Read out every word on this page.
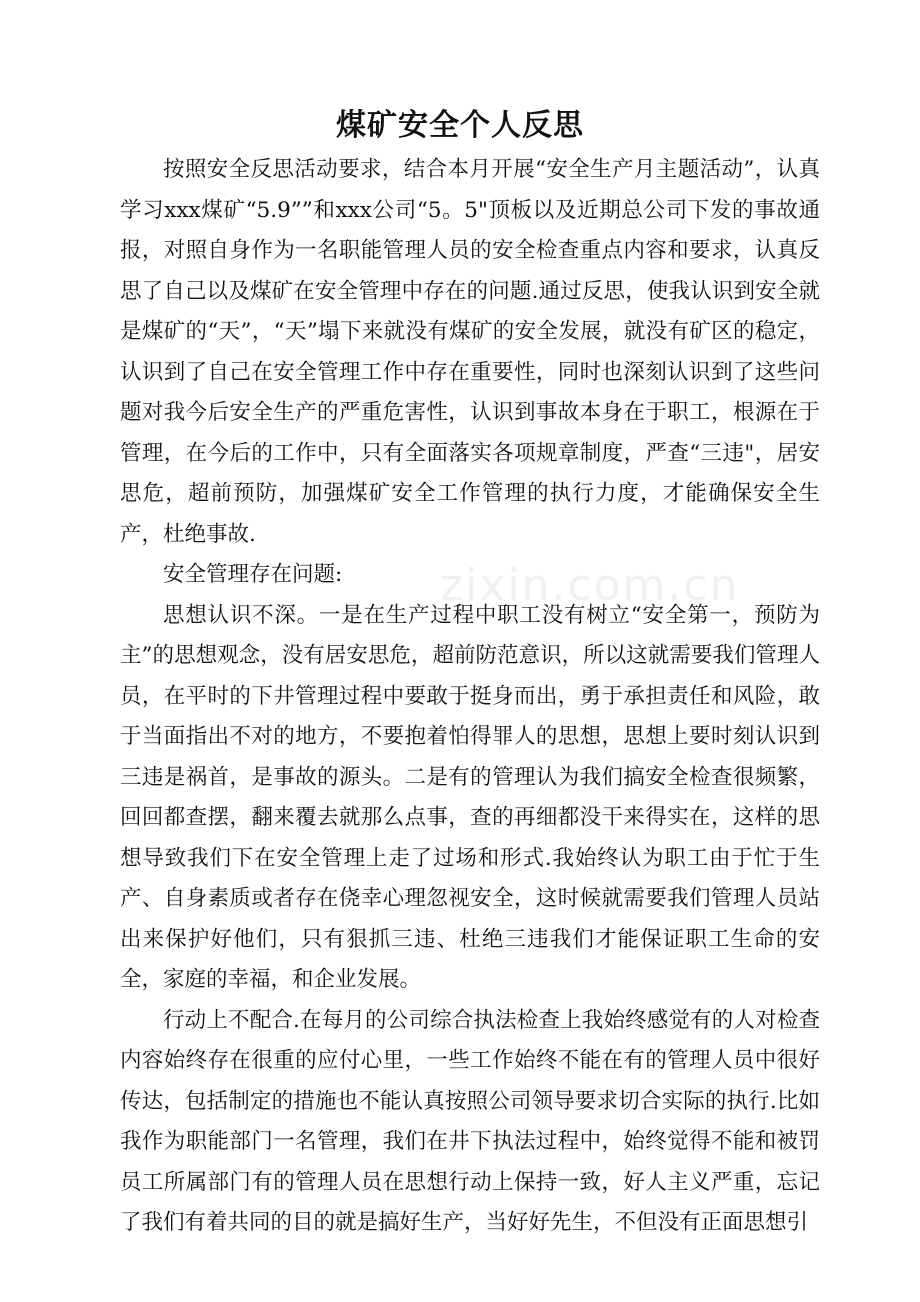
zixin.com.cn
煤矿安全个人反思

按照安全反思活动要求，结合本月开展“安全生产月主题活动”，认真学习xxx煤矿“5.9””和xxx公司“5。5"顶板以及近期总公司下发的事故通报，对照自身作为一名职能管理人员的安全检查重点内容和要求，认真反思了自己以及煤矿在安全管理中存在的问题.通过反思，使我认识到安全就是煤矿的“天”，“天”塌下来就没有煤矿的安全发展，就没有矿区的稳定，认识到了自己在安全管理工作中存在重要性，同时也深刻认识到了这些问题对我今后安全生产的严重危害性，认识到事故本身在于职工，根源在于管理，在今后的工作中，只有全面落实各项规章制度，严查“三违"，居安思危，超前预防，加强煤矿安全工作管理的执行力度，才能确保安全生产，杜绝事故.

安全管理存在问题:

思想认识不深。一是在生产过程中职工没有树立“安全第一，预防为主”的思想观念，没有居安思危，超前防范意识，所以这就需要我们管理人员，在平时的下井管理过程中要敢于挺身而出，勇于承担责任和风险，敢于当面指出不对的地方，不要抱着怕得罪人的思想，思想上要时刻认识到三违是祸首，是事故的源头。二是有的管理认为我们搞安全检查很频繁，回回都查摆，翻来覆去就那么点事，查的再细都没干来得实在，这样的思想导致我们下在安全管理上走了过场和形式.我始终认为职工由于忙于生产、自身素质或者存在侥幸心理忽视安全，这时候就需要我们管理人员站出来保护好他们，只有狠抓三违、杜绝三违我们才能保证职工生命的安全，家庭的幸福，和企业发展。

行动上不配合.在每月的公司综合执法检查上我始终感觉有的人对检查内容始终存在很重的应付心里，一些工作始终不能在有的管理人员中很好传达，包括制定的措施也不能认真按照公司领导要求切合实际的执行.比如我作为职能部门一名管理，我们在井下执法过程中，始终觉得不能和被罚员工所属部门有的管理人员在思想行动上保持一致，好人主义严重，忘记了我们有着共同的目的就是搞好生产，当好好先生，不但没有正面思想引
